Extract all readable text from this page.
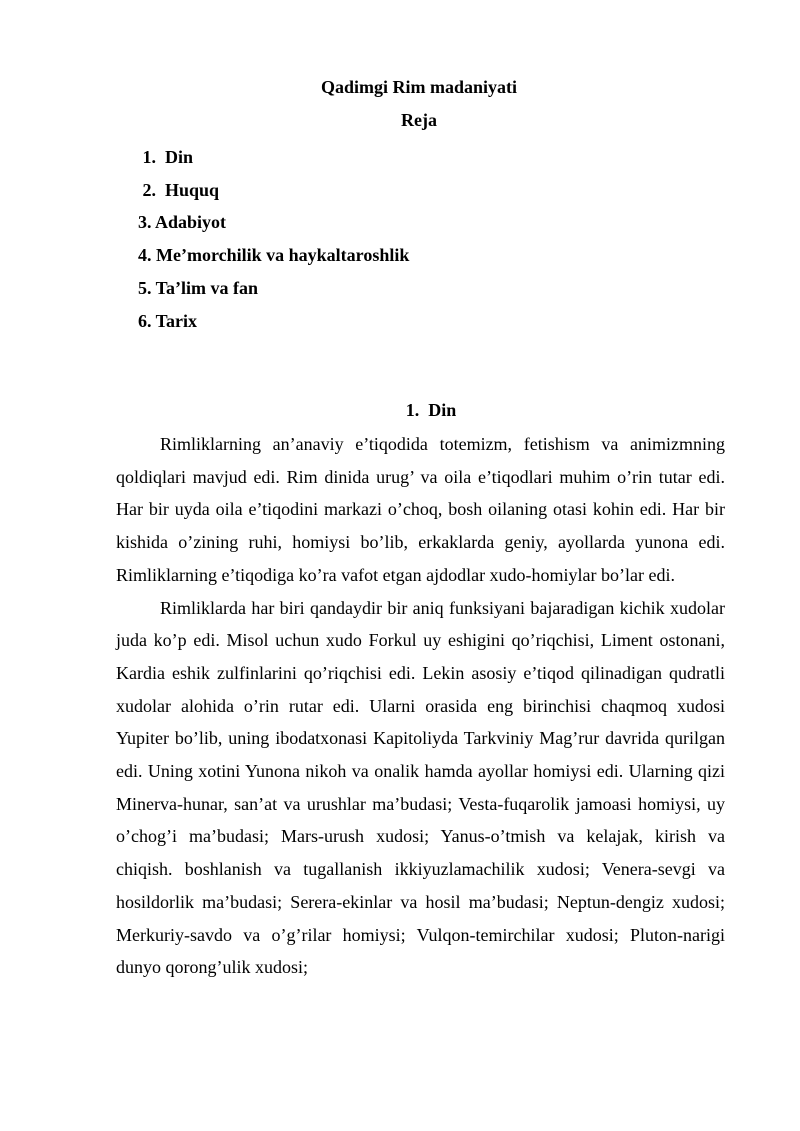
Qadimgi Rim madaniyati
Reja
1.  Din
2.  Huquq
3. Adabiyot
4. Me’morchilik va haykaltaroshlik
5. Ta’lim va fan
6. Tarix
1.  Din

Rimliklarning an’anaviy e’tiqodida totemizm, fetishism va animizmning qoldiqlari mavjud edi. Rim dinida urug’ va oila e’tiqodlari muhim o’rin tutar edi. Har bir uyda oila e’tiqodini markazi o’choq, bosh oilaning otasi kohin edi. Har bir kishida o’zining ruhi, homiysi bo’lib, erkaklarda geniy, ayollarda yunona edi. Rimliklarning e’tiqodiga ko’ra vafot etgan ajdodlar xudo-homiylar bo’lar edi.

Rimliklarda har biri qandaydir bir aniq funksiyani bajaradigan kichik xudolar juda ko’p edi. Misol uchun xudo Forkul uy eshigini qo’riqchisi, Liment ostonani, Kardia eshik zulfinlarini qo’riqchisi edi. Lekin asosiy e’tiqod qilinadigan qudratli xudolar alohida o’rin rutar edi. Ularni orasida eng birinchisi chaqmoq xudosi Yupiter bo’lib, uning ibodatxonasi Kapitoliyda Tarkviniy Mag’rur davrida qurilgan edi. Uning xotini Yunona nikoh va onalik hamda ayollar homiysi edi. Ularning qizi Minerva-hunar, san’at va urushlar ma’budasi; Vesta-fuqarolik jamoasi homiysi, uy o’chog’i ma’budasi; Mars-urush xudosi; Yanus-o’tmish va kelajak, kirish va chiqish. boshlanish va tugallanish ikkiyuzlamachilik xudosi; Venera-sevgi va hosildorlik ma’budasi; Serera-ekinlar va hosil ma’budasi; Neptun-dengiz xudosi; Merkuriy-savdo va o’g’rilar homiysi; Vulqon-temirchilar xudosi; Pluton-narigi dunyo qorong’ulik xudosi;
